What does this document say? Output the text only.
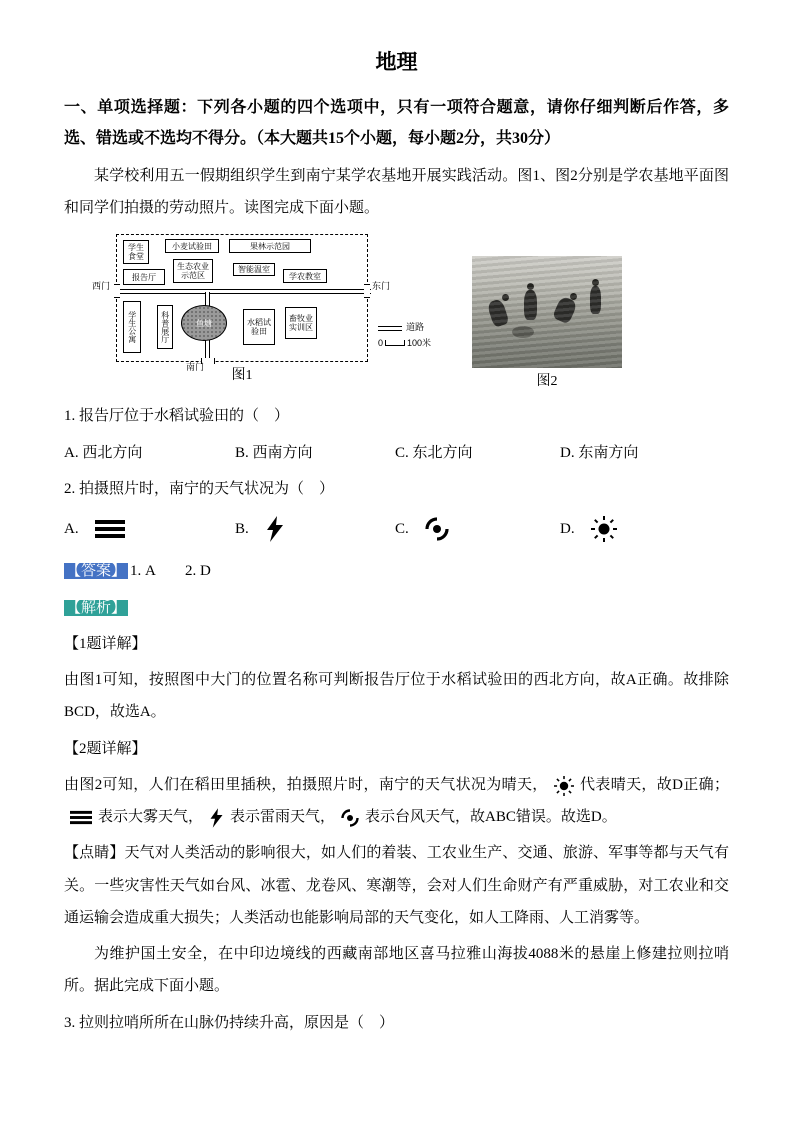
地理

一、单项选择题：下列各小题的四个选项中，只有一项符合题意，请你仔细判断后作答，多选、错选或不选均不得分。（本大题共15个小题，每小题2分，共30分）

某学校利用五一假期组织学生到南宁某学农基地开展实践活动。图1、图2分别是学农基地平面图和同学们拍摄的劳动照片。读图完成下面小题。

学生食堂
小麦试验田	果林示范园
生态农业示范区
报告厅
智能温室
学农教室
学生公寓	科普展厅	鱼塘	水稻试验田
畜牧业实训区
西门	东门
南门
道路
0	100米
图1	图2

1. 报告厅位于水稻试验田的（　）

A. 西北方向	B. 西南方向	C. 东北方向	D. 东南方向

2. 拍摄照片时，南宁的天气状况为（　）

A.	B.	C.	D.

【答案】 1. A　　2. D

【解析】

【1题详解】

由图1可知，按照图中大门的位置名称可判断报告厅位于水稻试验田的西北方向，故A正确。故排除BCD，故选A。

【2题详解】

由图2可知，人们在稻田里插秧，拍摄照片时，南宁的天气状况为晴天， 代表晴天，故D正确；
表示大雾天气， 表示雷雨天气， 表示台风天气，故ABC错误。故选D。

【点睛】天气对人类活动的影响很大，如人们的着装、工农业生产、交通、旅游、军事等都与天气有关。一些灾害性天气如台风、冰雹、龙卷风、寒潮等，会对人们生命财产有严重威胁，对工农业和交通运输会造成重大损失；人类活动也能影响局部的天气变化，如人工降雨、人工消雾等。

为维护国土安全，在中印边境线的西藏南部地区喜马拉雅山海拔4088米的悬崖上修建拉则拉哨所。据此完成下面小题。

3. 拉则拉哨所所在山脉仍持续升高，原因是（　）
